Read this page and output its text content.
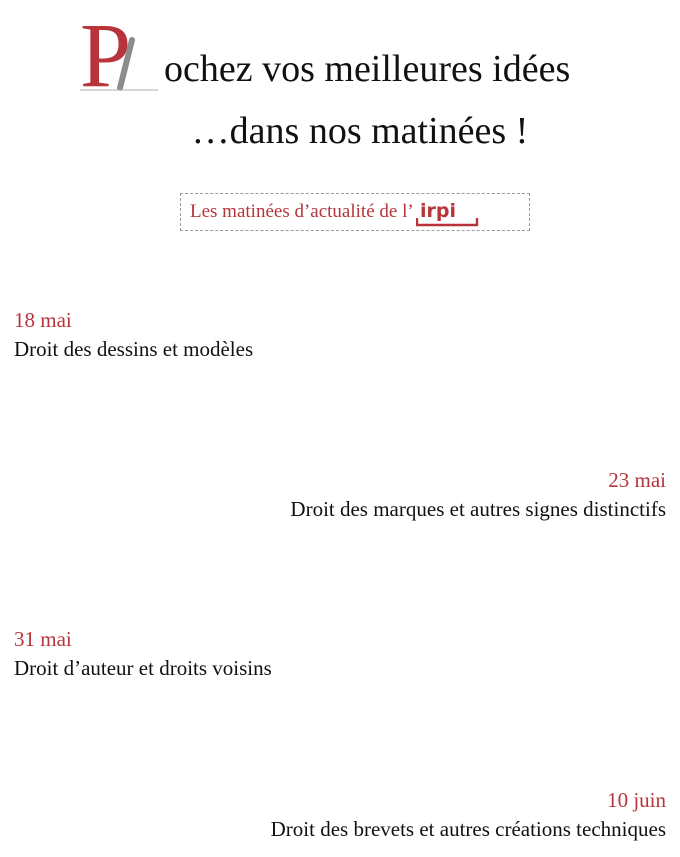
P ochez vos meilleures idées
…dans nos matinées !
Les matinées d’actualité de l’ irpi
18 mai
Droit des dessins et modèles
23 mai
Droit des marques et autres signes distinctifs
31 mai
Droit d’auteur et droits voisins
10 juin
Droit des brevets et autres créations techniques
